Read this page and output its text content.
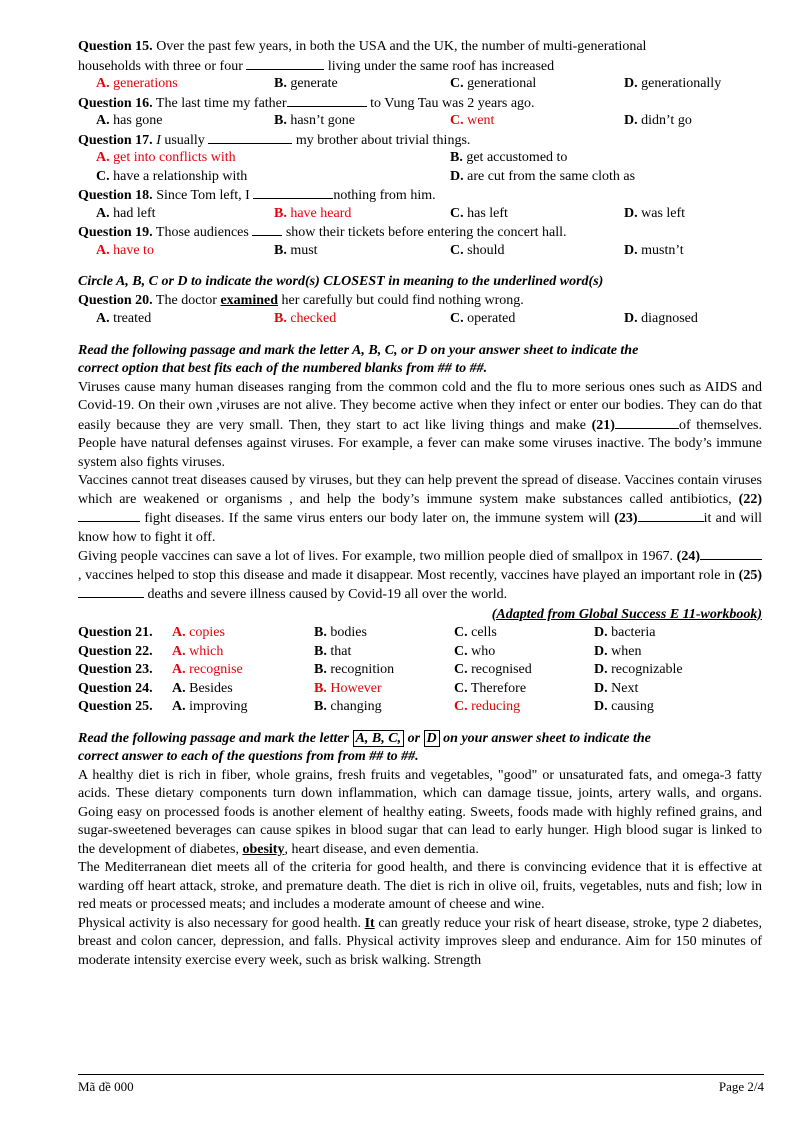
Question 15. Over the past few years, in both the USA and the UK, the number of multi-generational
households with three or four	living under the same roof has increased
A. generations	B. generate	C. generational	D. generationally
Question 16. The last time my father	to Vung Tau was 2 years ago.
A. has gone	B. hasn’t gone	C. went	D. didn’t go
Question 17. I usually	my brother about trivial things.
A. get into conflicts with	B. get accustomed to
C. have a relationship with	D. are cut from the same cloth as
Question 18. Since Tom left, I	nothing from him.
A. had left	B. have heard	C. has left	D. was left
Question 19. Those audiences  show their tickets before entering the concert hall.
A. have to	B. must	C. should	D. mustn’t
Circle A, B, C or D to indicate the word(s) CLOSEST in meaning to the underlined word(s)
Question 20. The doctor examined her carefully but could find nothing wrong.
A. treated	B. checked	C. operated	D. diagnosed
Read the following passage and mark the letter A, B, C, or D on your answer sheet to indicate the
correct option that best fits each of the numbered blanks from ## to ##.

Viruses cause many human diseases ranging from the common cold and the flu to more serious ones such as AIDS and Covid-19. On their own ,viruses are not alive. They become active when they infect or enter our bodies. They can do that easily because they are very small. Then, they start to act like living things and make (21)	of themselves. People have natural defenses against viruses. For example, a fever can make some viruses inactive. The body’s immune system also fights viruses.

Vaccines cannot treat diseases caused by viruses, but they can help prevent the spread of disease. Vaccines contain viruses which are weakened or organisms , and help the body’s immune system make substances called antibiotics, (22) fight diseases. If the same virus enters our body later on, the immune system will (23)	it and will know how to fight it off.

Giving people vaccines can save a lot of lives. For example, two million people died of smallpox in 1967. (24) , vaccines helped to stop this disease and made it disappear. Most recently, vaccines have played an important role in (25) deaths and severe illness caused by Covid-19 all over the world.

(Adapted from Global Success E 11-workbook)
Question 21. A. copies	B. bodies	C. cells	D. bacteria
Question 22. A. which	B. that	C. who	D. when
Question 23. A. recognise	B. recognition	C. recognised	D. recognizable
Question 24. A. Besides	B. However	C. Therefore	D. Next
Question 25. A. improving	B. changing	C. reducing	D. causing
Read the following passage and mark the letter A, B, C, or D on your answer sheet to indicate the
correct answer to each of the questions from from ## to ##.

A healthy diet is rich in fiber, whole grains, fresh fruits and vegetables, "good" or unsaturated fats, and omega-3 fatty acids. These dietary components turn down inflammation, which can damage tissue, joints, artery walls, and organs. Going easy on processed foods is another element of healthy eating. Sweets, foods made with highly refined grains, and sugar-sweetened beverages can cause spikes in blood sugar that can lead to early hunger. High blood sugar is linked to the development of diabetes, obesity, heart disease, and even dementia.

The Mediterranean diet meets all of the criteria for good health, and there is convincing evidence that it is effective at warding off heart attack, stroke, and premature death. The diet is rich in olive oil, fruits, vegetables, nuts and fish; low in red meats or processed meats; and includes a moderate amount of cheese and wine.

Physical activity is also necessary for good health. It can greatly reduce your risk of heart disease, stroke, type 2 diabetes, breast and colon cancer, depression, and falls. Physical activity improves sleep and endurance. Aim for 150 minutes of moderate intensity exercise every week, such as brisk walking. Strength

Mã đề 000	Page 2/4
